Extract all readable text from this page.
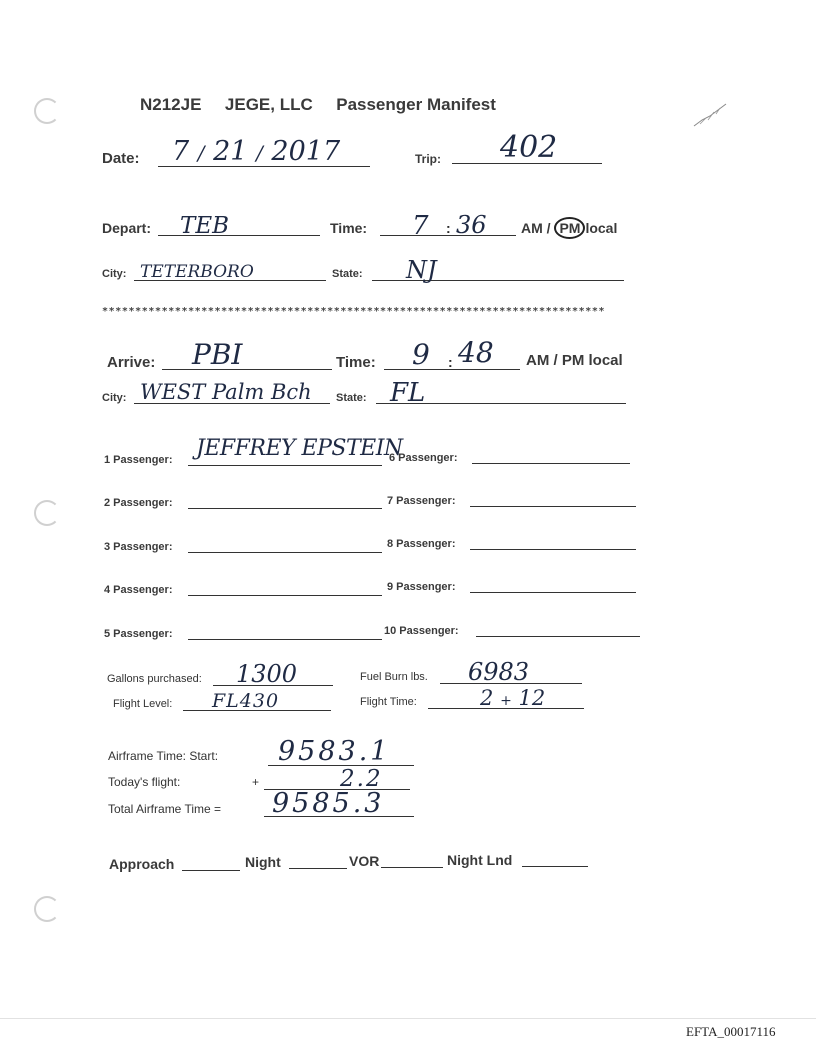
N212JE JEGE, LLC Passenger Manifest
Date: 7 / 21 / 2017	Trip: 402
Depart: TEB	Time: 7 : 36 AM / PM local
City: TETERBORO	State: NJ
****************************************************************************
Arrive: PBI	Time: 9 : 48 AM / PM local
City: WEST Palm Bch State: FL
1 Passenger: JEFFREY EPSTEIN
2 Passenger:
3 Passenger:
4 Passenger:
5 Passenger:
6 Passenger:
7 Passenger:
8 Passenger:
9 Passenger:
10 Passenger:
Gallons purchased: 1300	Fuel Burn lbs. 6983
Flight Level: FL430	Flight Time:	2 + 12
Airframe Time: Start: 9583.1
Today's flight:	+	2.2
Total Airframe Time = 9585.3
Approach	Night	VOR	Night Lnd
EFTA_00017116
